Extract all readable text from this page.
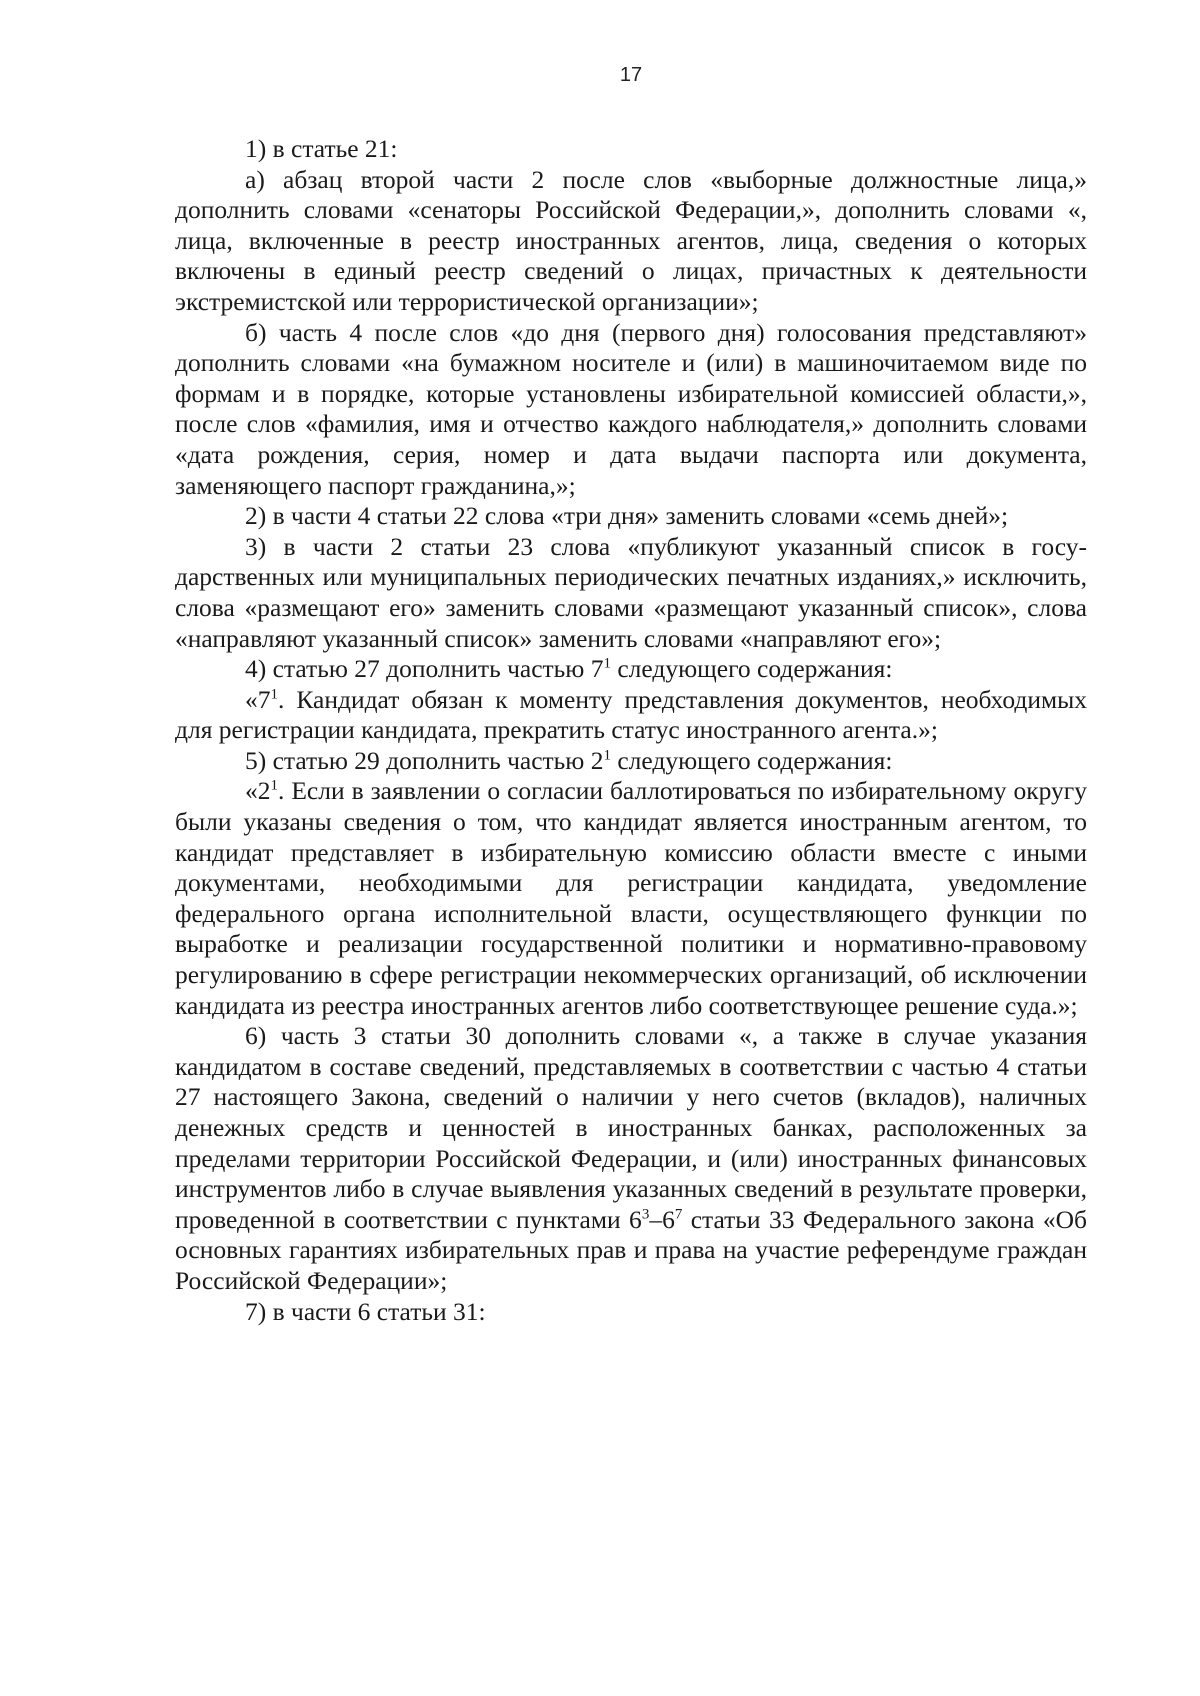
17

1) в статье 21:

а) абзац второй части 2 после слов «выборные должностные лица,» дополнить словами «сенаторы Российской Федерации,», дополнить словами «, лица, включенные в реестр иностранных агентов, лица, сведения о которых включены в единый реестр сведений о лицах, причастных к деятельности экстремистской или террористической организации»;

б) часть 4 после слов «до дня (первого дня) голосования представляют» дополнить словами «на бумажном носителе и (или) в машиночитаемом виде по формам и в порядке, которые установлены избирательной комиссией области,», после слов «фамилия, имя и отчество каждого наблюдателя,» дополнить словами «дата рождения, серия, номер и дата выдачи паспорта или документа, заменяющего паспорт гражданина,»;

2) в части 4 статьи 22 слова «три дня» заменить словами «семь дней»;

3) в части 2 статьи 23 слова «публикуют указанный список в государственных или муниципальных периодических печатных изданиях,» исключить, слова «размещают его» заменить словами «размещают указанный список», слова «направляют указанный список» заменить словами «направляют его»;

4) статью 27 дополнить частью $7^1$ следующего содержания:

«$7^1$. Кандидат обязан к моменту представления документов, необходимых для регистрации кандидата, прекратить статус иностранного агента.»;

5) статью 29 дополнить частью $2^1$ следующего содержания:

«$2^1$. Если в заявлении о согласии баллотироваться по избирательному округу были указаны сведения о том, что кандидат является иностранным агентом, то кандидат представляет в избирательную комиссию области вместе с иными документами, необходимыми для регистрации кандидата, уведомление федерального органа исполнительной власти, осуществляющего функции по выработке и реализации государственной политики и нормативно-правовому регулированию в сфере регистрации некоммерческих организаций, об исключении кандидата из реестра иностранных агентов либо соответствующее решение суда.»;

6) часть 3 статьи 30 дополнить словами «, а также в случае указания кандидатом в составе сведений, представляемых в соответствии с частью 4 статьи 27 настоящего Закона, сведений о наличии у него счетов (вкладов), наличных денежных средств и ценностей в иностранных банках, расположенных за пределами территории Российской Федерации, и (или) иностранных финансовых инструментов либо в случае выявления указанных сведений в результате проверки, проведенной в соответствии с пунктами $6^3-6^7$ статьи 33 Федерального закона «Об основных гарантиях избирательных прав и права на участие референдуме граждан Российской Федерации»;

7) в части 6 статьи 31:
